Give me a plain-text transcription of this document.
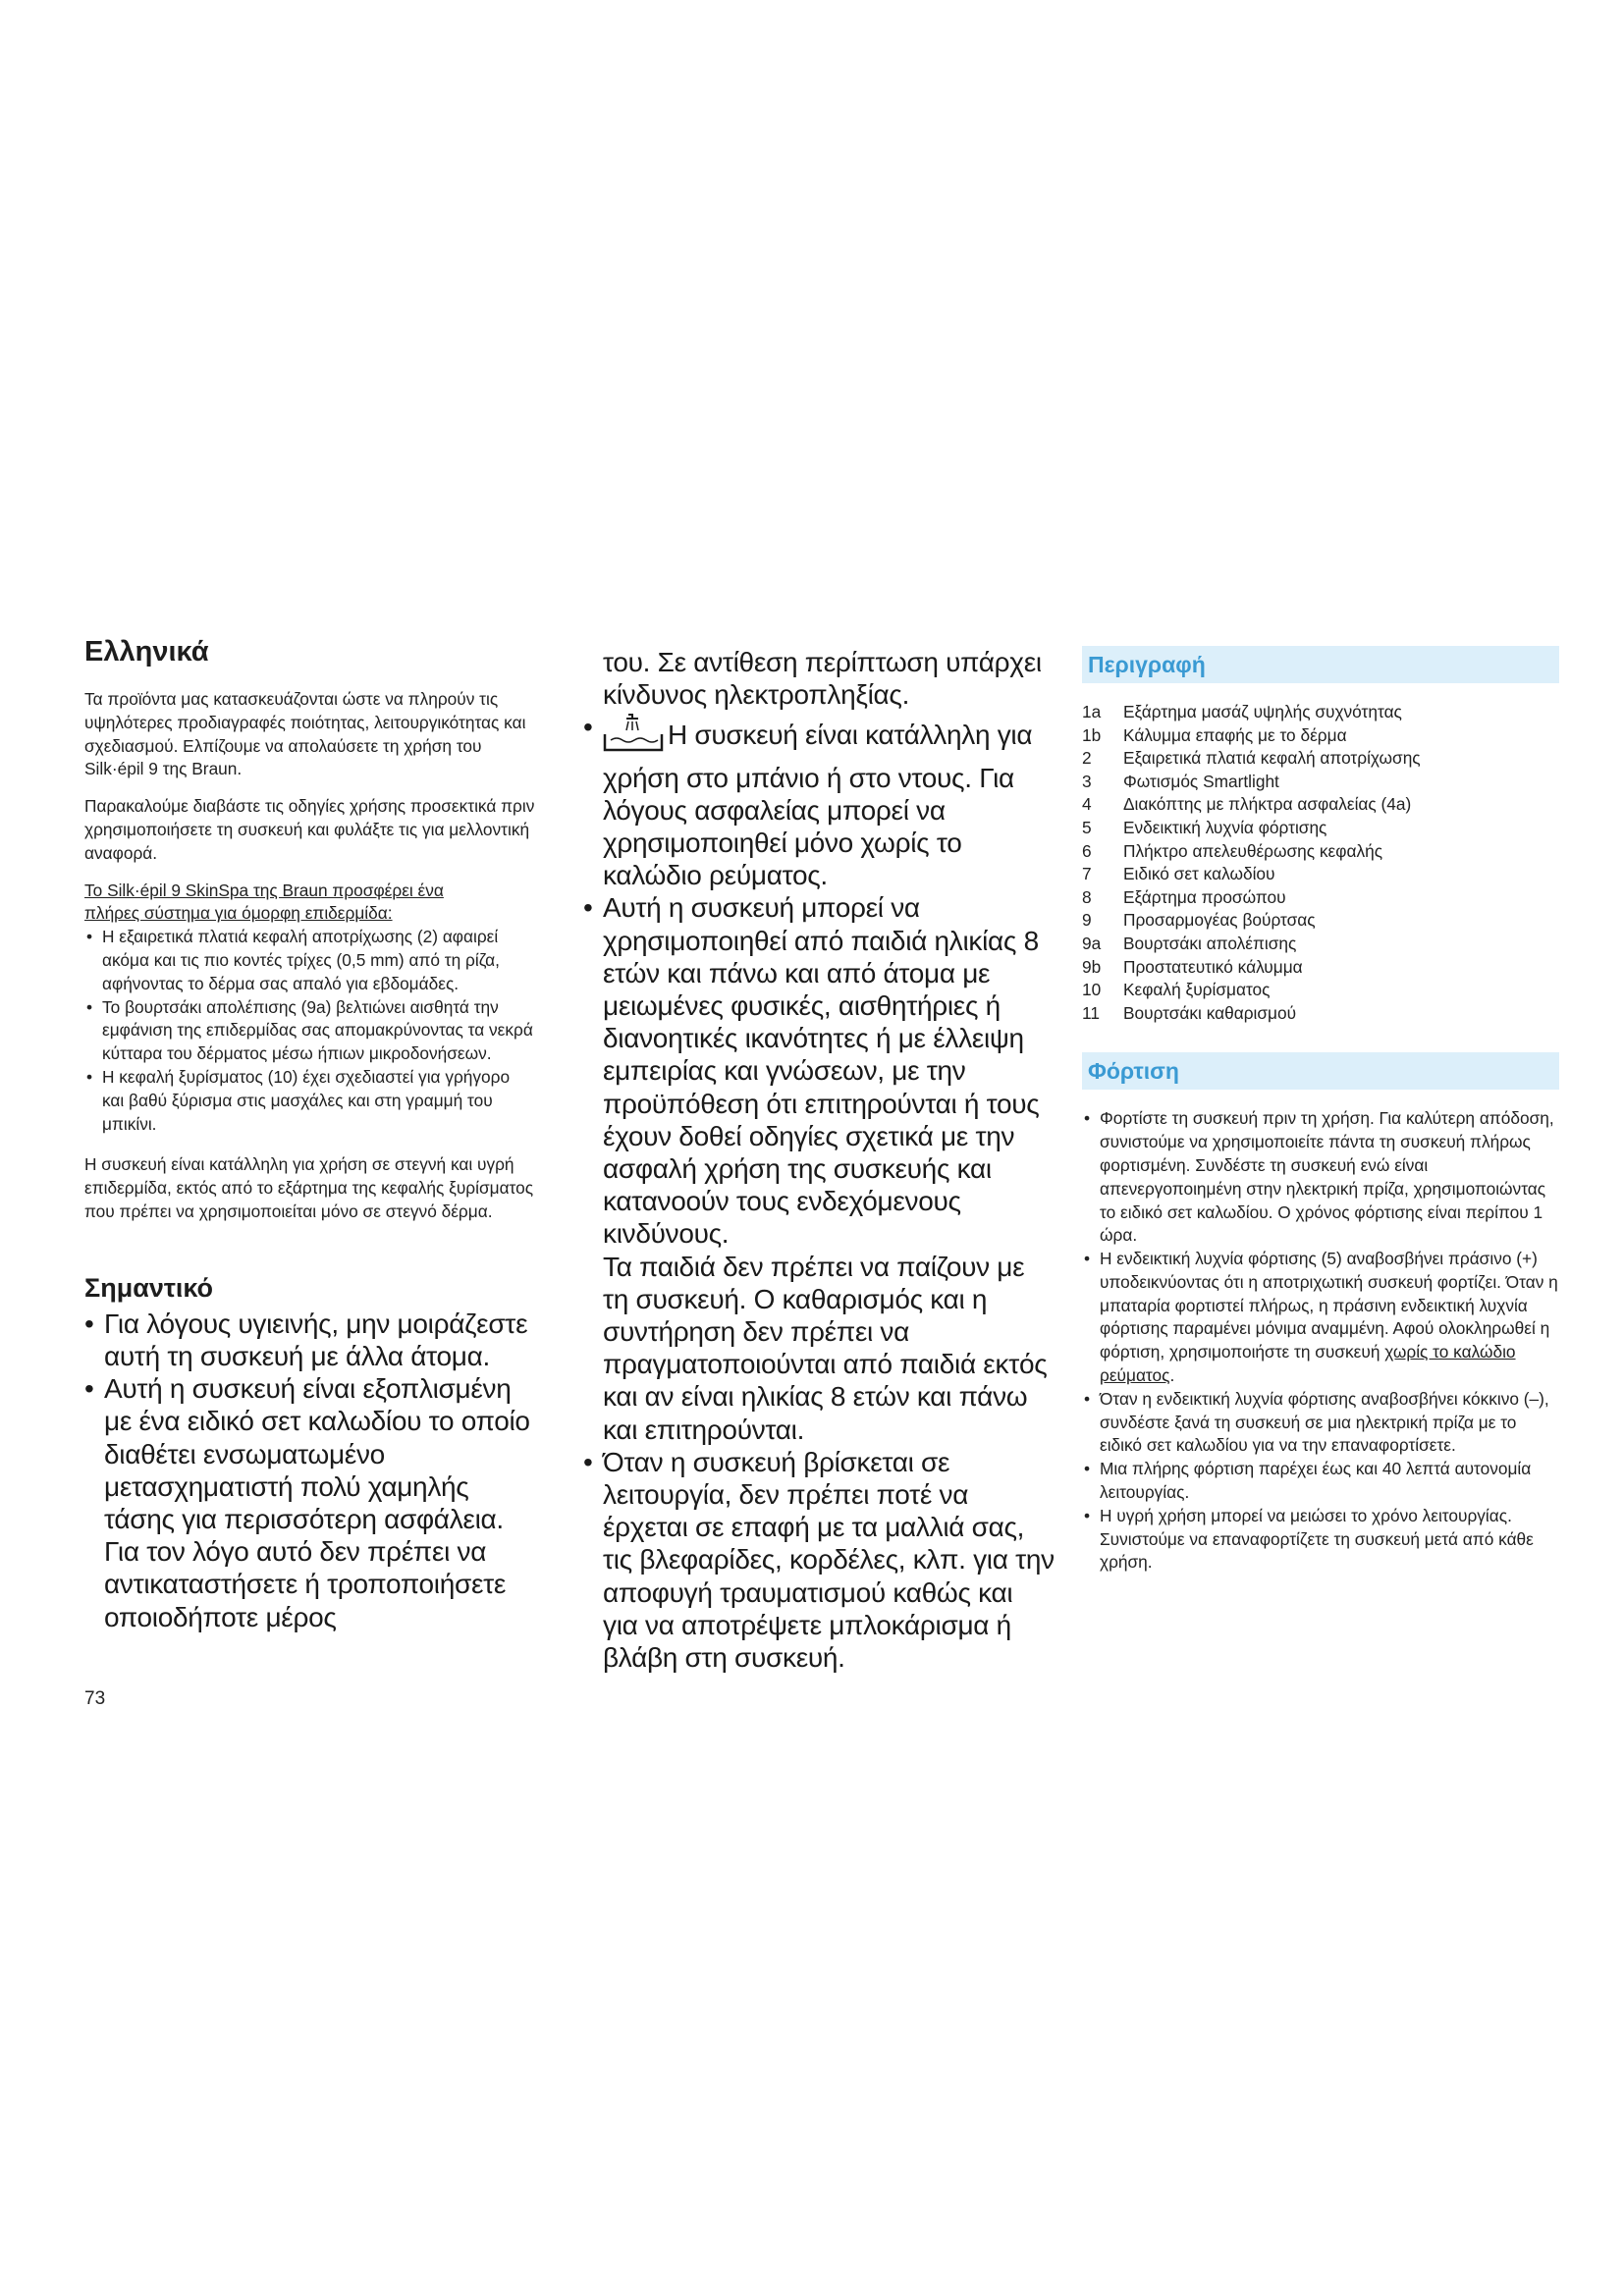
Ελληνικά

Τα προϊόντα μας κατασκευάζονται ώστε να πληρούν τις υψηλότερες προδιαγραφές ποιότητας, λειτουργικότητας και σχεδιασμού. Ελπίζουμε να απολαύσετε τη χρήση του Silk·épil 9 της Braun.

Παρακαλούμε διαβάστε τις οδηγίες χρήσης προσεκτικά πριν χρησιμοποιήσετε τη συσκευή και φυλάξτε τις για μελλοντική αναφορά.

Το Silk·épil 9 SkinSpa της Braun προσφέρει ένα

πλήρες σύστημα για όμορφη επιδερμίδα:

• Η εξαιρετικά πλατιά κεφαλή αποτρίχωσης (2) αφαιρεί ακόμα και τις πιο κοντές τρίχες (0,5 mm) από τη ρίζα, αφήνοντας το δέρμα σας απαλό για εβδομάδες.
• Το βουρτσάκι απολέπισης (9a) βελτιώνει αισθητά την εμφάνιση της επιδερμίδας σας απομακρύνοντας τα νεκρά κύτταρα του δέρματος μέσω ήπιων μικροδονήσεων.
• Η κεφαλή ξυρίσματος (10) έχει σχεδιαστεί για γρήγορο και βαθύ ξύρισμα στις μασχάλες και στη γραμμή του μπικίνι.

Η συσκευή είναι κατάλληλη για χρήση σε στεγνή και υγρή επιδερμίδα, εκτός από το εξάρτημα της κεφαλής ξυρίσματος που πρέπει να χρησιμοποιείται μόνο σε στεγνό δέρμα.

Σημαντικό
• Για λόγους υγιεινής, μην μοιράζεστε αυτή τη συσκευή με άλλα άτομα.
• Αυτή η συσκευή είναι εξοπλισμένη με ένα ειδικό σετ καλωδίου το οποίο διαθέτει ενσωματωμένο μετασχηματιστή πολύ χαμηλής τάσης για περισσότερη ασφάλεια. Για τον λόγο αυτό δεν πρέπει να αντικαταστήσετε ή τροποποιήσετε οποιοδήποτε μέρος

του. Σε αντίθεση περίπτωση υπάρχει κίνδυνος ηλεκτροπληξίας.

• Η συσκευή είναι κατάλληλη για χρήση στο μπάνιο ή στο ντους. Για λόγους ασφαλείας μπορεί να χρησιμοποιηθεί μόνο χωρίς το καλώδιο ρεύματος.
• Αυτή η συσκευή μπορεί να χρησιμοποιηθεί από παιδιά ηλικίας 8 ετών και πάνω και από άτομα με μειωμένες φυσικές, αισθητήριες ή διανοητικές ικανότητες ή με έλλειψη εμπειρίας και γνώσεων, με την προϋπόθεση ότι επιτηρούνται ή τους έχουν δοθεί οδηγίες σχετικά με την ασφαλή χρήση της συσκευής και κατανοούν τους ενδεχόμενους κινδύνους.
Τα παιδιά δεν πρέπει να παίζουν με τη συσκευή. Ο καθαρισμός και η συντήρηση δεν πρέπει να πραγματοποιούνται από παιδιά εκτός και αν είναι ηλικίας 8 ετών και πάνω και επιτηρούνται.
• Όταν η συσκευή βρίσκεται σε λειτουργία, δεν πρέπει ποτέ να έρχεται σε επαφή με τα μαλλιά σας, τις βλεφαρίδες, κορδέλες, κλπ. για την αποφυγή τραυματισμού καθώς και για να αποτρέψετε μπλοκάρισμα ή βλάβη στη συσκευή.
Περιγραφή
1a	Εξάρτημα μασάζ υψηλής συχνότητας
1b	Κάλυμμα επαφής με το δέρμα
2	Εξαιρετικά πλατιά κεφαλή αποτρίχωσης
3	Φωτισμός Smartlight
4	Διακόπτης με πλήκτρα ασφαλείας (4a)
5	Ενδεικτική λυχνία φόρτισης
6	Πλήκτρο απελευθέρωσης κεφαλής
7	Ειδικό σετ καλωδίου
8	Εξάρτημα προσώπου
9	Προσαρμογέας βούρτσας
9a	Βουρτσάκι απολέπισης
9b	Προστατευτικό κάλυμμα
10	Κεφαλή ξυρίσματος
11	Βουρτσάκι καθαρισμού
Φόρτιση
• Φορτίστε τη συσκευή πριν τη χρήση. Για καλύτερη απόδοση, συνιστούμε να χρησιμοποιείτε πάντα τη συσκευή πλήρως φορτισμένη. Συνδέστε τη συσκευή ενώ είναι απενεργοποιημένη στην ηλεκτρική πρίζα, χρησιμοποιώντας το ειδικό σετ καλωδίου. Ο χρόνος φόρτισης είναι περίπου 1 ώρα.
• Η ενδεικτική λυχνία φόρτισης (5) αναβοσβήνει πράσινο (+) υποδεικνύοντας ότι η αποτριχωτική συσκευή φορτίζει. Όταν η μπαταρία φορτιστεί πλήρως, η πράσινη ενδεικτική λυχνία φόρτισης παραμένει μόνιμα αναμμένη. Αφού ολοκληρωθεί η φόρτιση, χρησιμοποιήστε τη συσκευή χωρίς το καλώδιο ρεύματος.
• Όταν η ενδεικτική λυχνία φόρτισης αναβοσβήνει κόκκινο (–), συνδέστε ξανά τη συσκευή σε μια ηλεκτρική πρίζα με το ειδικό σετ καλωδίου για να την επαναφορτίσετε.
• Μια πλήρης φόρτιση παρέχει έως και 40 λεπτά αυτονομία λειτουργίας.
• Η υγρή χρήση μπορεί να μειώσει το χρόνο λειτουργίας. Συνιστούμε να επαναφορτίζετε τη συσκευή μετά από κάθε χρήση.
73
